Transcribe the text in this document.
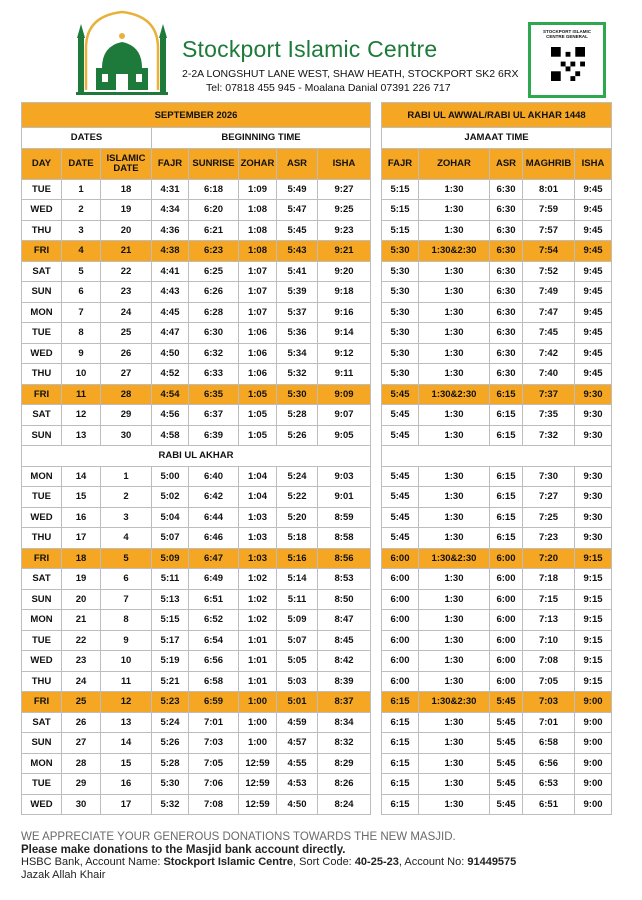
Stockport Islamic Centre
2-2A LONGSHUT LANE WEST, SHAW HEATH, STOCKPORT SK2 6RX
Tel: 07818 455 945 - Moalana Danial 07391 226 717
STOCKPORT ISLAMIC CENTRE GENERAL
SEPTEMBER 2026							
DATES			BEGINNING TIME				
DAY	DATE	ISLAMIC DATE	FAJR	SUNRISE	ZOHAR	ASR	ISHA
TUE	1	18	4:31	6:18	1:09	5:49	9:27
WED	2	19	4:34	6:20	1:08	5:47	9:25
THU	3	20	4:36	6:21	1:08	5:45	9:23
FRI	4	21	4:38	6:23	1:08	5:43	9:21
SAT	5	22	4:41	6:25	1:07	5:41	9:20
SUN	6	23	4:43	6:26	1:07	5:39	9:18
MON	7	24	4:45	6:28	1:07	5:37	9:16
TUE	8	25	4:47	6:30	1:06	5:36	9:14
WED	9	26	4:50	6:32	1:06	5:34	9:12
THU	10	27	4:52	6:33	1:06	5:32	9:11
FRI	11	28	4:54	6:35	1:05	5:30	9:09
SAT	12	29	4:56	6:37	1:05	5:28	9:07
SUN	13	30	4:58	6:39	1:05	5:26	9:05
RABI UL AKHAR							
MON	14	1	5:00	6:40	1:04	5:24	9:03
TUE	15	2	5:02	6:42	1:04	5:22	9:01
WED	16	3	5:04	6:44	1:03	5:20	8:59
THU	17	4	5:07	6:46	1:03	5:18	8:58
FRI	18	5	5:09	6:47	1:03	5:16	8:56
SAT	19	6	5:11	6:49	1:02	5:14	8:53
SUN	20	7	5:13	6:51	1:02	5:11	8:50
MON	21	8	5:15	6:52	1:02	5:09	8:47
TUE	22	9	5:17	6:54	1:01	5:07	8:45
WED	23	10	5:19	6:56	1:01	5:05	8:42
THU	24	11	5:21	6:58	1:01	5:03	8:39
FRI	25	12	5:23	6:59	1:00	5:01	8:37
SAT	26	13	5:24	7:01	1:00	4:59	8:34
SUN	27	14	5:26	7:03	1:00	4:57	8:32
MON	28	15	5:28	7:05	12:59	4:55	8:29
TUE	29	16	5:30	7:06	12:59	4:53	8:26
WED	30	17	5:32	7:08	12:59	4:50	8:24
RABI UL AWWAL/RABI UL AKHAR 1448				
JAMAAT TIME				
FAJR	ZOHAR	ASR	MAGHRIB	ISHA
5:15	1:30	6:30	8:01	9:45
5:15	1:30	6:30	7:59	9:45
5:15	1:30	6:30	7:57	9:45
5:30	1:30&2:30	6:30	7:54	9:45
5:30	1:30	6:30	7:52	9:45
5:30	1:30	6:30	7:49	9:45
5:30	1:30	6:30	7:47	9:45
5:30	1:30	6:30	7:45	9:45
5:30	1:30	6:30	7:42	9:45
5:30	1:30	6:30	7:40	9:45
5:45	1:30&2:30	6:15	7:37	9:30
5:45	1:30	6:15	7:35	9:30
5:45	1:30	6:15	7:32	9:30

5:45	1:30	6:15	7:30	9:30
5:45	1:30	6:15	7:27	9:30
5:45	1:30	6:15	7:25	9:30
5:45	1:30	6:15	7:23	9:30
6:00	1:30&2:30	6:00	7:20	9:15
6:00	1:30	6:00	7:18	9:15
6:00	1:30	6:00	7:15	9:15
6:00	1:30	6:00	7:13	9:15
6:00	1:30	6:00	7:10	9:15
6:00	1:30	6:00	7:08	9:15
6:00	1:30	6:00	7:05	9:15
6:15	1:30&2:30	5:45	7:03	9:00
6:15	1:30	5:45	7:01	9:00
6:15	1:30	5:45	6:58	9:00
6:15	1:30	5:45	6:56	9:00
6:15	1:30	5:45	6:53	9:00
6:15	1:30	5:45	6:51	9:00
WE APPRECIATE YOUR GENEROUS DONATIONS TOWARDS THE NEW MASJID.
Please make donations to the Masjid bank account directly.
HSBC Bank, Account Name: Stockport Islamic Centre, Sort Code: 40-25-23, Account No: 91449575
Jazak Allah Khair
